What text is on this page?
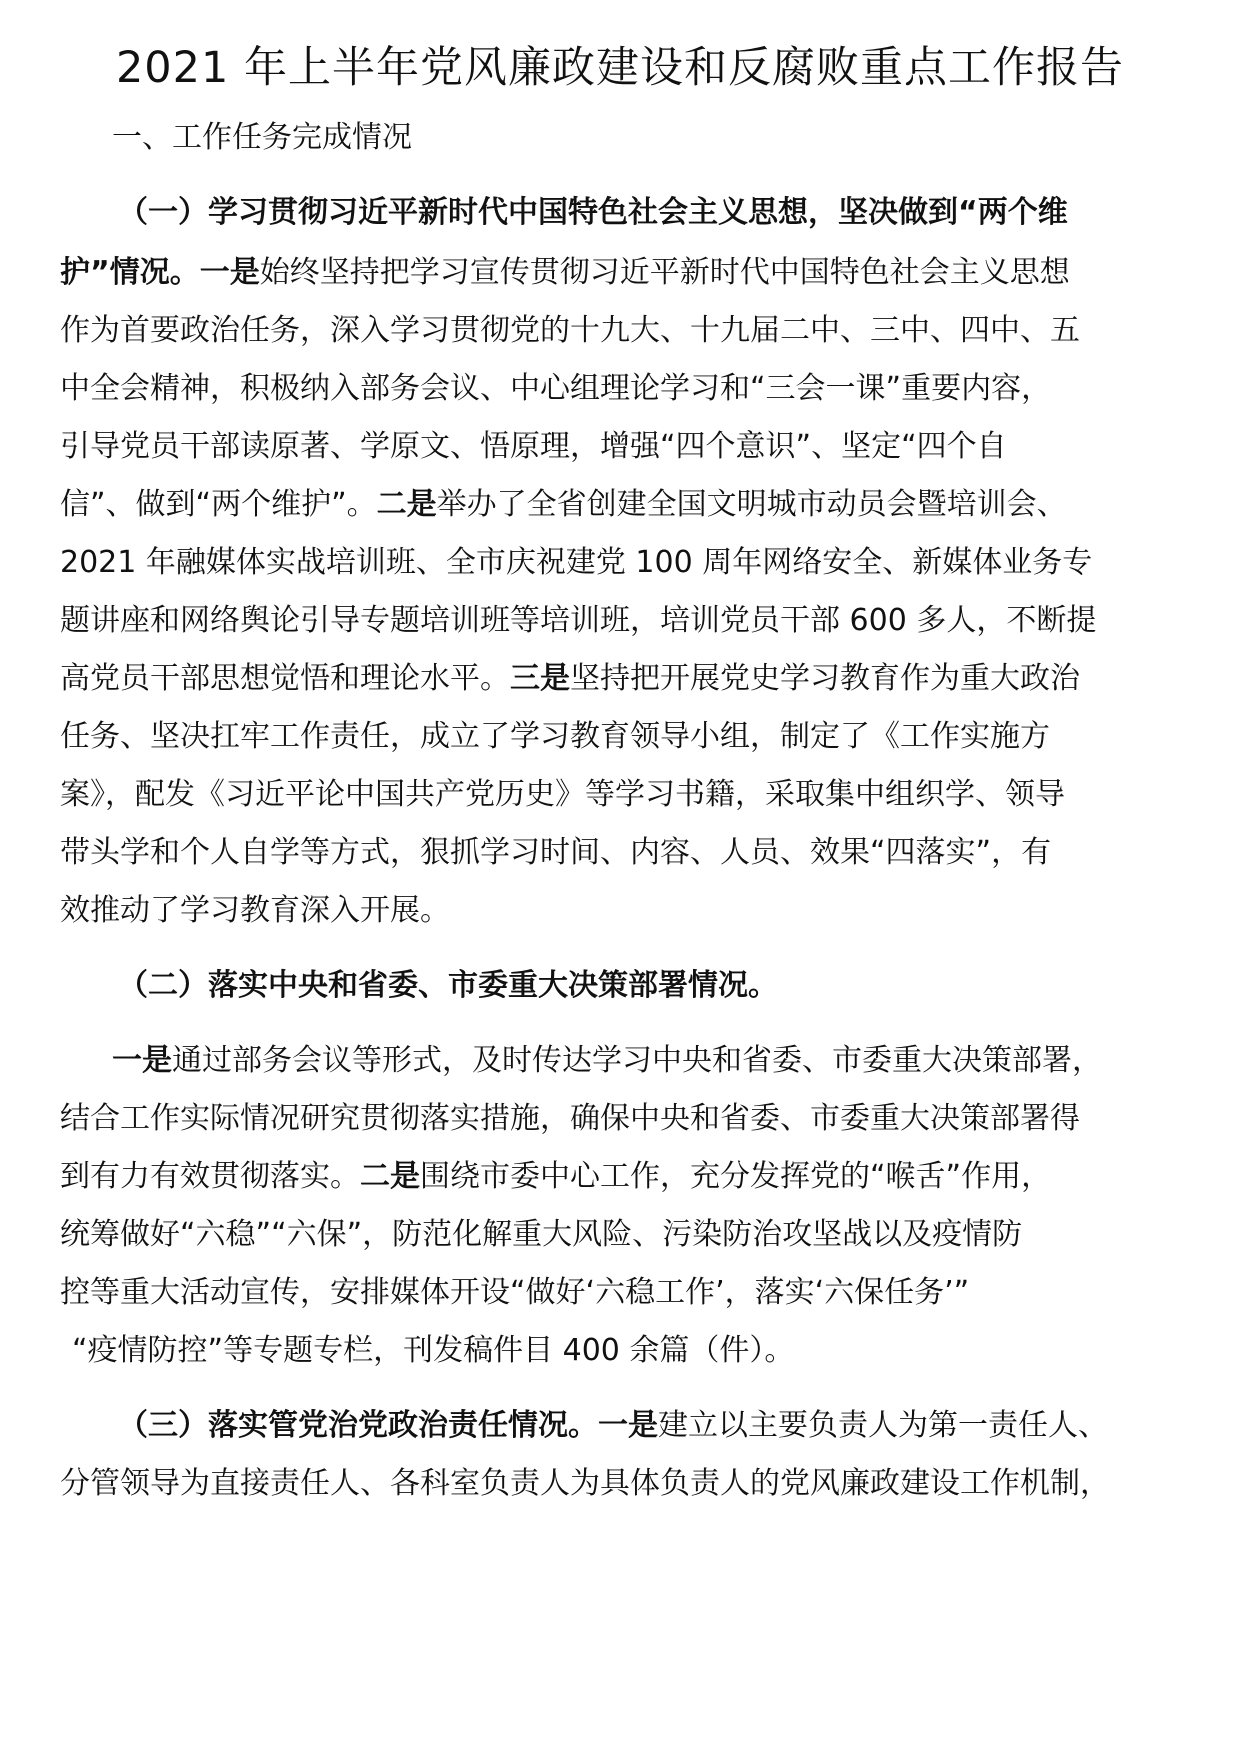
2021 年上半年党风廉政建设和反腐败重点工作报告

一、工作任务完成情况

（一）学习贯彻习近平新时代中国特色社会主义思想，坚决做到“两个维

护”情况。一是始终坚持把学习宣传贯彻习近平新时代中国特色社会主义思想

作为首要政治任务，深入学习贯彻党的十九大、十九届二中、三中、四中、五

中全会精神，积极纳入部务会议、中心组理论学习和“三会一课”重要内容，

引导党员干部读原著、学原文、悟原理，增强“四个意识”、坚定“四个自

信”、做到“两个维护”。二是举办了全省创建全国文明城市动员会暨培训会、

2021 年融媒体实战培训班、全市庆祝建党 100 周年网络安全、新媒体业务专

题讲座和网络舆论引导专题培训班等培训班，培训党员干部 600 多人，不断提

高党员干部思想觉悟和理论水平。三是坚持把开展党史学习教育作为重大政治

任务、坚决扛牢工作责任，成立了学习教育领导小组，制定了《工作实施方

案》，配发《习近平论中国共产党历史》等学习书籍，采取集中组织学、领导

带头学和个人自学等方式，狠抓学习时间、内容、人员、效果“四落实”，有

效推动了学习教育深入开展。

（二）落实中央和省委、市委重大决策部署情况。

一是通过部务会议等形式，及时传达学习中央和省委、市委重大决策部署，

结合工作实际情况研究贯彻落实措施，确保中央和省委、市委重大决策部署得

到有力有效贯彻落实。二是围绕市委中心工作，充分发挥党的“喉舌”作用，

统筹做好“六稳”“六保”，防范化解重大风险、污染防治攻坚战以及疫情防

控等重大活动宣传，安排媒体开设“做好‘六稳工作’，落实‘六保任务’”

“疫情防控”等专题专栏，刊发稿件目 400 余篇（件）。

（三）落实管党治党政治责任情况。一是建立以主要负责人为第一责任人、

分管领导为直接责任人、各科室负责人为具体负责人的党风廉政建设工作机制，
